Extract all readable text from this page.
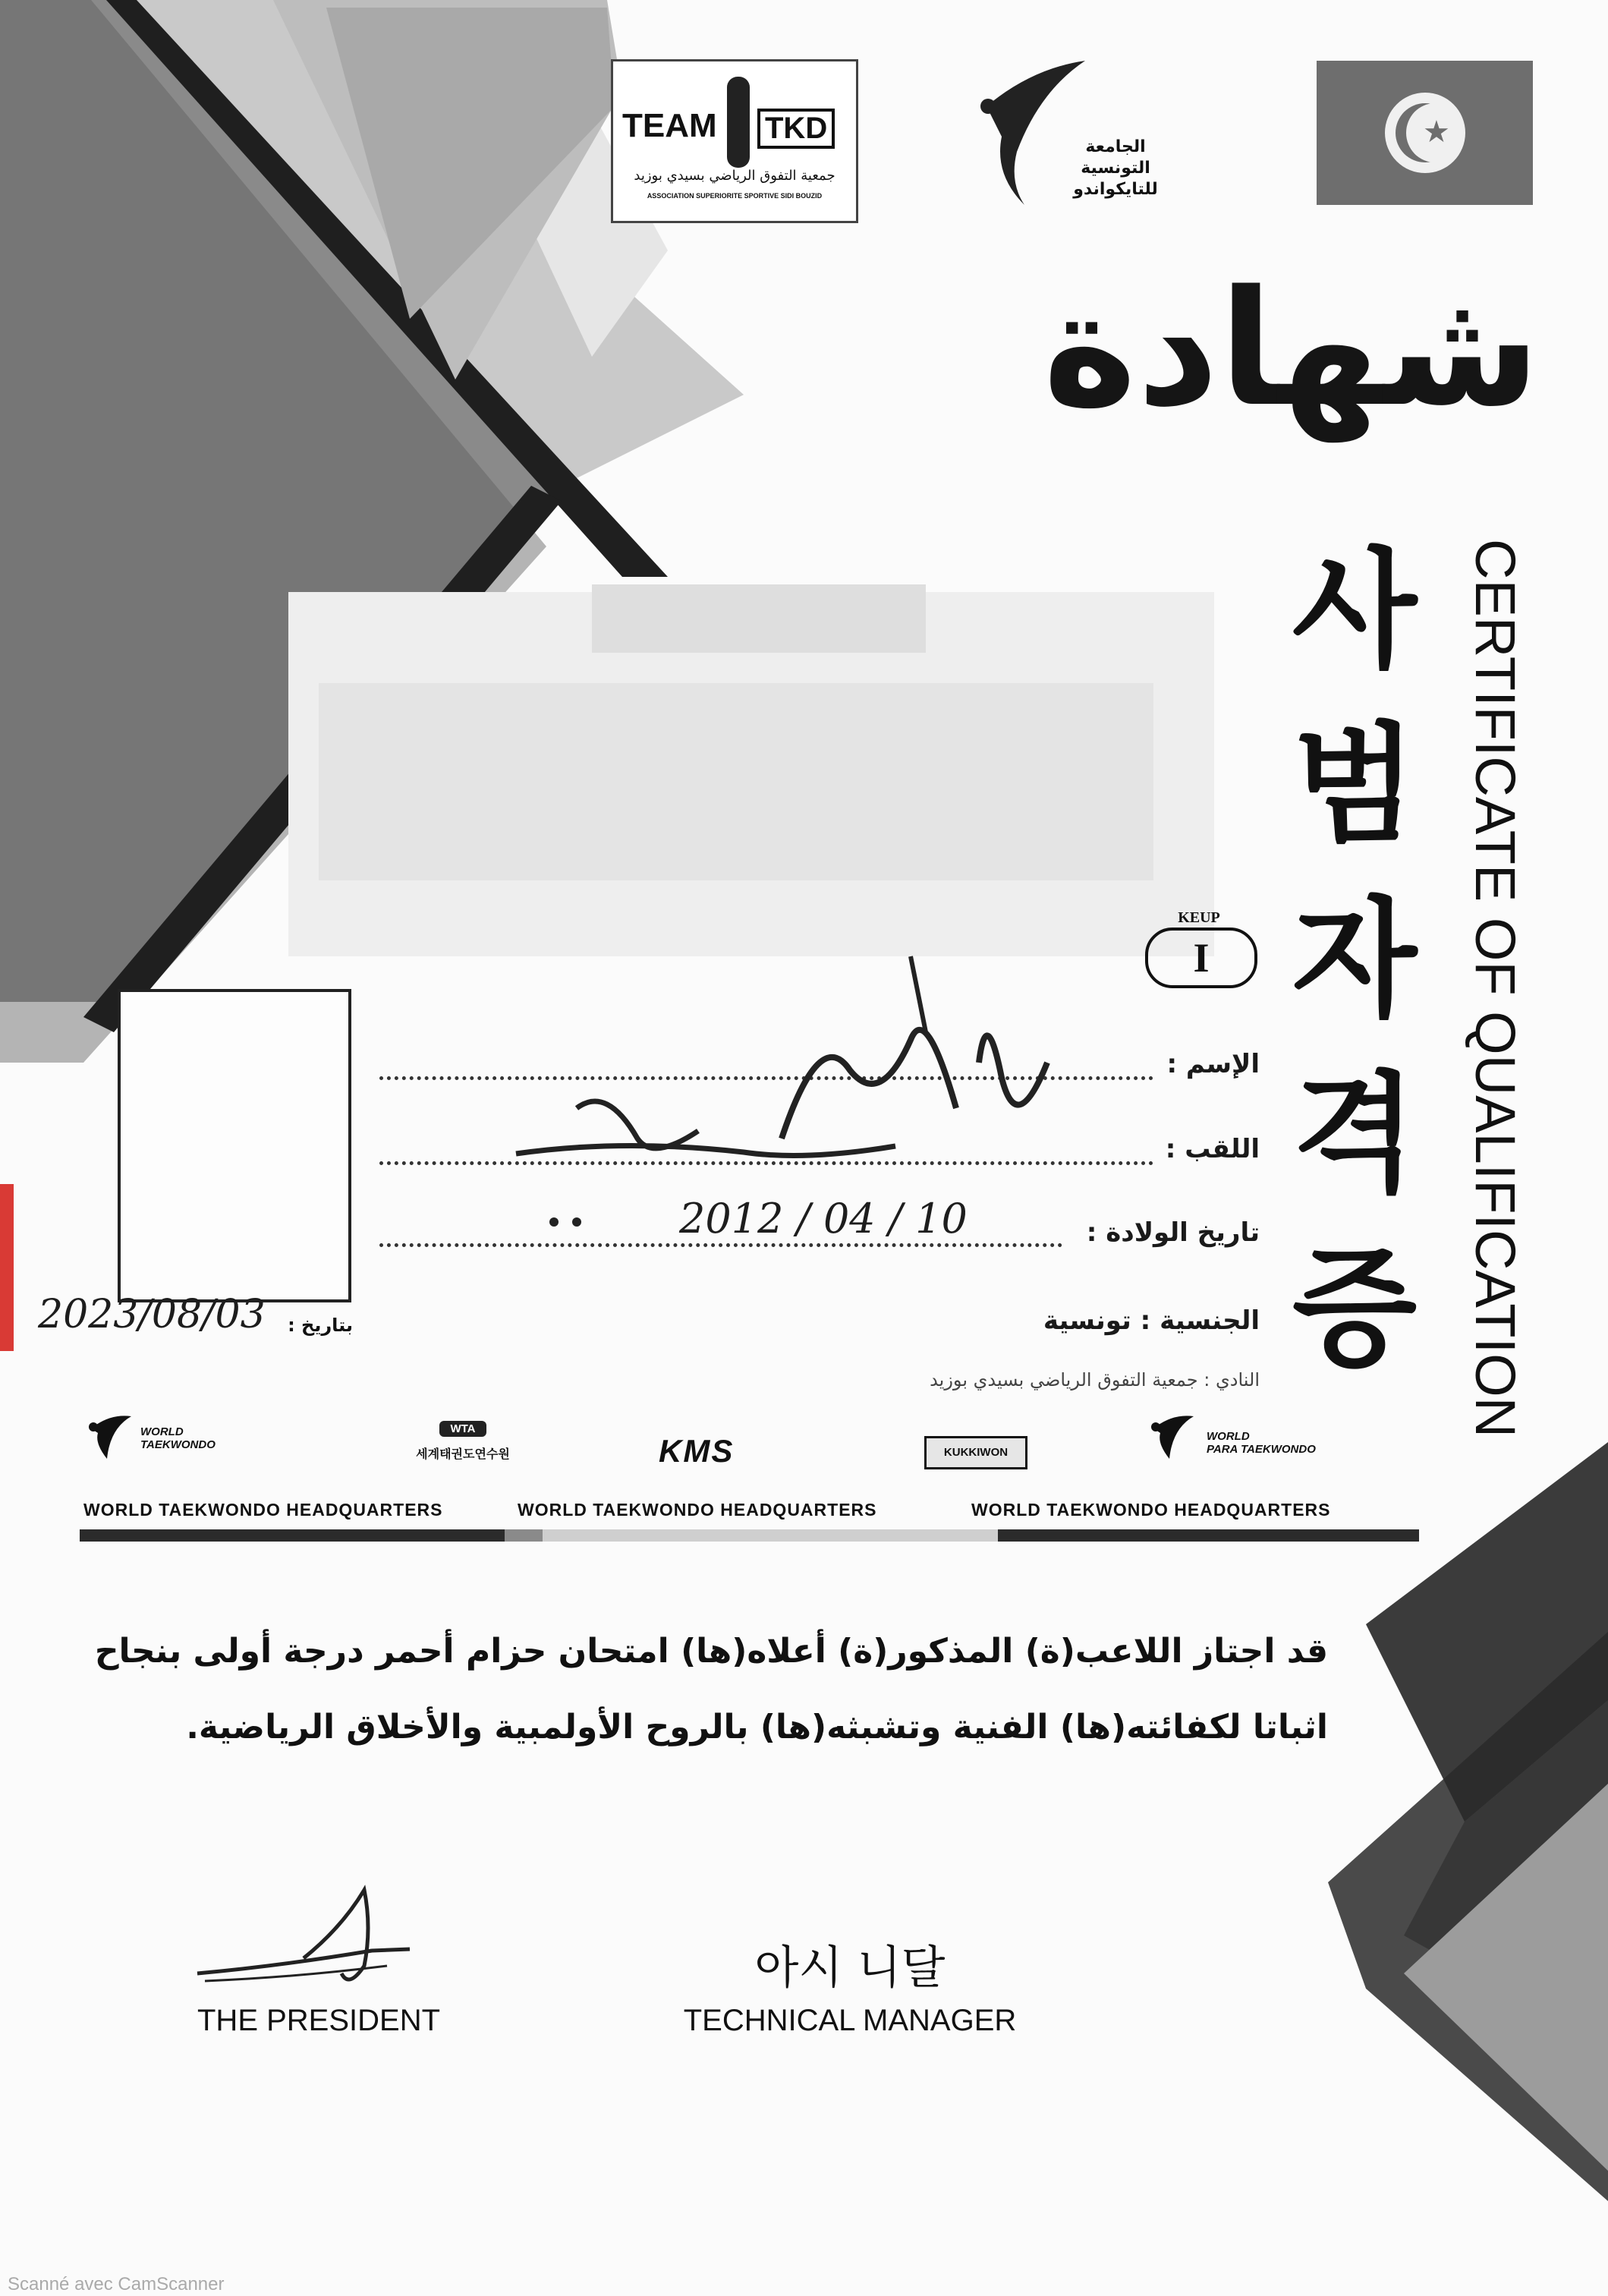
TEAM TKD
جمعية التفوق الرياضي بسيدي بوزيد
ASSOCIATION SUPERIORITE SPORTIVE SIDI BOUZID
الجامعة
التونسية
للتايكواندو
★
شهادة
사
범
자
격
증 CERTIFICATE OF QUALIFICATION
KEUP
I
الإسم :
اللقب :
2012 / 04 / 10	تاريخ الولادة :
الجنسية : تونسية
النادي : جمعية التفوق الرياضي بسيدي بوزيد
2023/08/03	بتاريخ :
WORLD
TAEKWONDO
WTA
세계태권도연수원	KMS	KUKKIWON
WORLD
PARA TAEKWONDO
WORLD TAEKWONDO HEADQUARTERS	WORLD TAEKWONDO HEADQUARTERS	WORLD TAEKWONDO HEADQUARTERS
قد اجتاز اللاعب(ة) المذكور(ة) أعلاه(ها) امتحان حزام أحمر درجة أولى بنجاح
اثباتا لكفائته(ها) الفنية وتشبثه(ها) بالروح الأولمبية والأخلاق الرياضية.
THE PRESIDENT
아시 니달
TECHNICAL MANAGER
Scanné avec CamScanner
